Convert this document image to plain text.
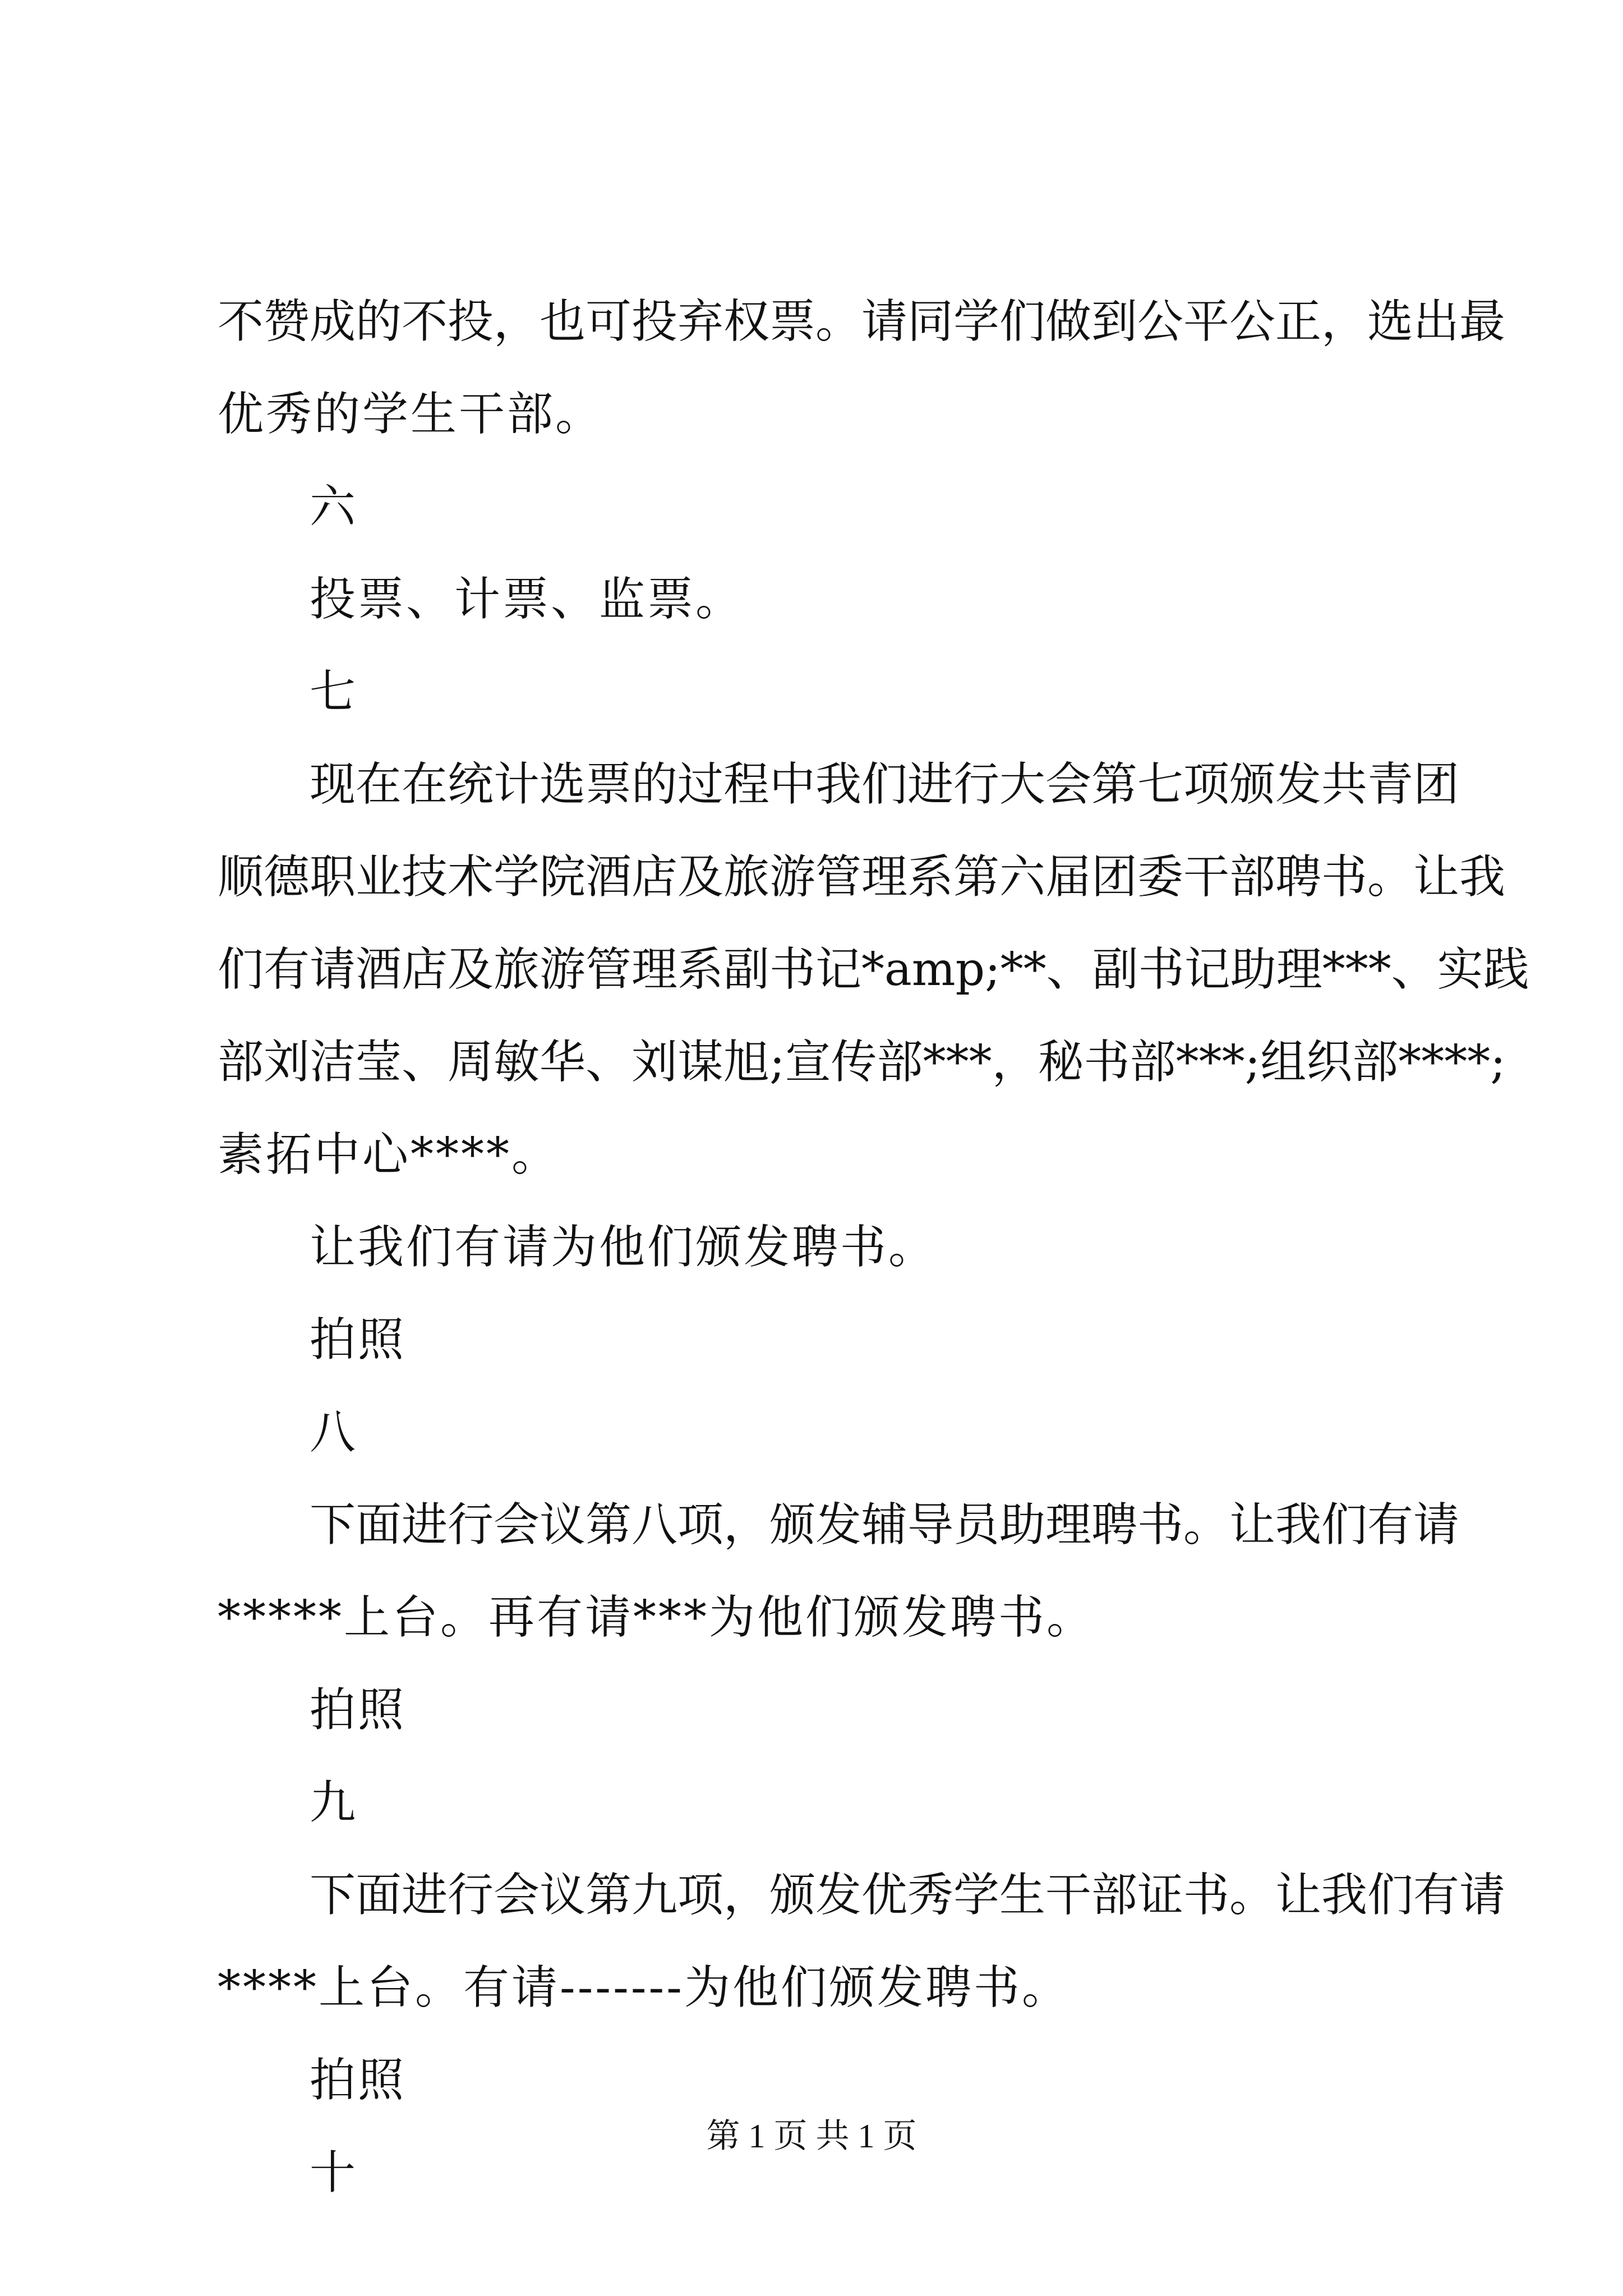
不赞成的不投，也可投弃权票。请同学们做到公平公正，选出最
优秀的学生干部。
六
投票、计票、监票。
七
现在在统计选票的过程中我们进行大会第七项颁发共青团
顺德职业技术学院酒店及旅游管理系第六届团委干部聘书。让我
们有请酒店及旅游管理系副书记*amp;**、副书记助理***、实践
部刘洁莹、周敏华、刘谋旭;宣传部***，秘书部***;组织部****;
素拓中心****。
让我们有请为他们颁发聘书。
拍照
八
下面进行会议第八项，颁发辅导员助理聘书。让我们有请
*****上台。再有请***为他们颁发聘书。
拍照
九
下面进行会议第九项，颁发优秀学生干部证书。让我们有请
****上台。有请-------为他们颁发聘书。
拍照
十
第 1 页 共 1 页
